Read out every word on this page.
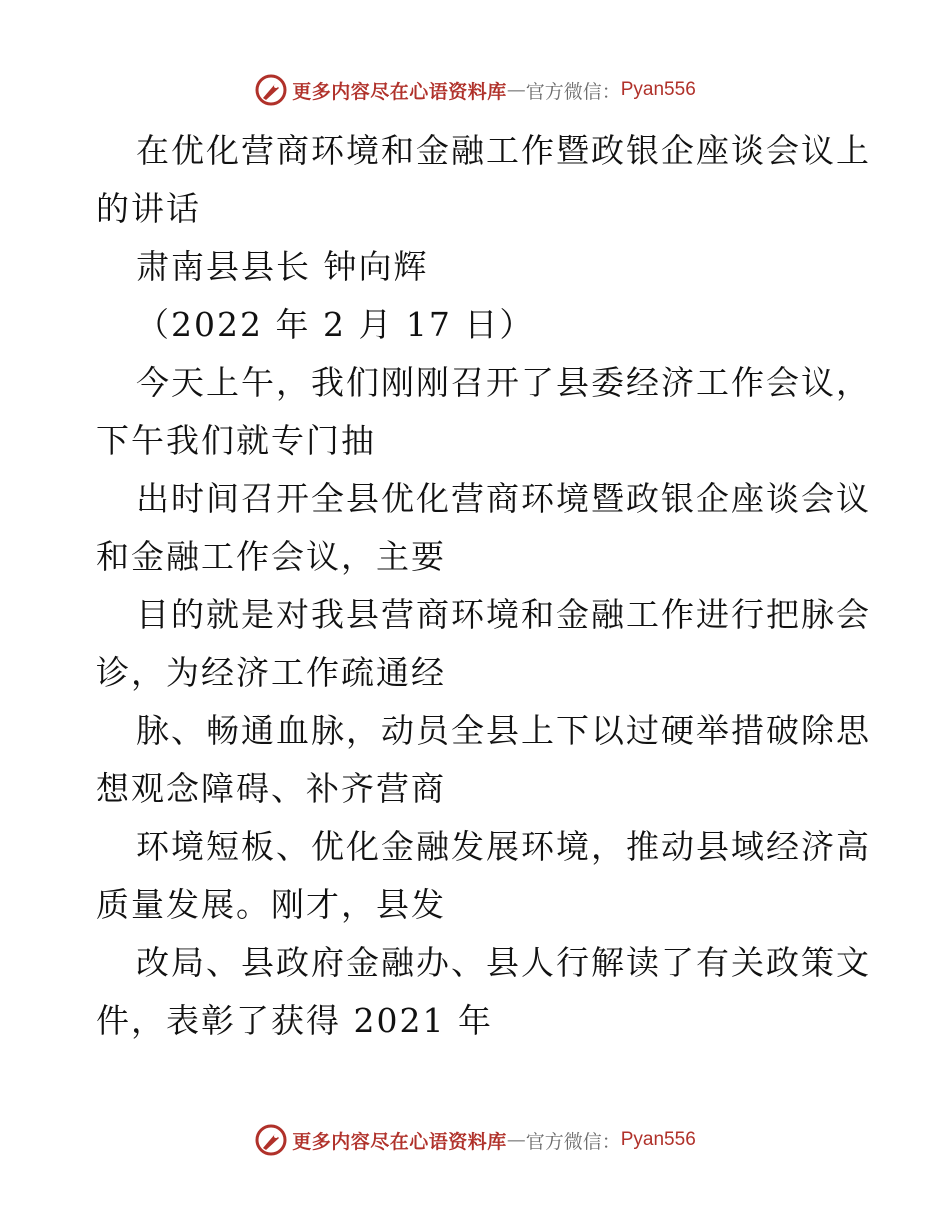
更多内容尽在心语资料库 — 官方微信： Pyan556
在优化营商环境和金融工作暨政银企座谈会议上
的讲话
肃南县县长 钟向辉
（2022 年 2 月 17 日）
今天上午，我们刚刚召开了县委经济工作会议，
下午我们就专门抽
出时间召开全县优化营商环境暨政银企座谈会议
和金融工作会议，主要
目的就是对我县营商环境和金融工作进行把脉会
诊，为经济工作疏通经
脉、畅通血脉，动员全县上下以过硬举措破除思
想观念障碍、补齐营商
环境短板、优化金融发展环境，推动县域经济高
质量发展。刚才，县发
改局、县政府金融办、县人行解读了有关政策文
件，表彰了获得 2021 年
更多内容尽在心语资料库 — 官方微信： Pyan556
